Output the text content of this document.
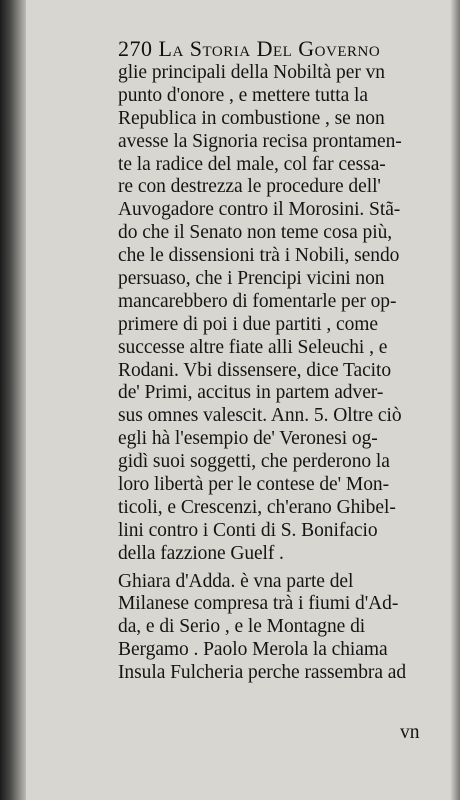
270 La Storia Del Governo
glie principali della Nobiltà per vn
punto d'onore , e mettere tutta la
Republica in combustione , se non
avesse la Signoria recisa prontamen-
te la radice del male, col far cessa-
re con destrezza le procedure dell'
Auvogadore contro il Morosini. Stã-
do che il Senato non teme cosa più,
che le dissensioni trà i Nobili, sendo
persuaso, che i Prencipi vicini non
mancarebbero di fomentarle per op-
primere di poi i due partiti , come
successe altre fiate alli Seleuchi , e
Rodani. Vbi dissensere, dice Tacito
de' Primi, accitus in partem adver-
sus omnes valescit. Ann. 5. Oltre ciò
egli hà l'esempio de' Veronesi og-
gidì suoi soggetti, che perderono la
loro libertà per le contese de' Mon-
ticoli, e Crescenzi, ch'erano Ghibel-
lini contro i Conti di S. Bonifacio
della fazzione Guelf .
Ghiara d'Adda. è vna parte del
Milanese compresa trà i fiumi d'Ad-
da, e di Serio , e le Montagne di
Bergamo . Paolo Merola la chiama
Insula Fulcheria perche rassembra ad
vn
